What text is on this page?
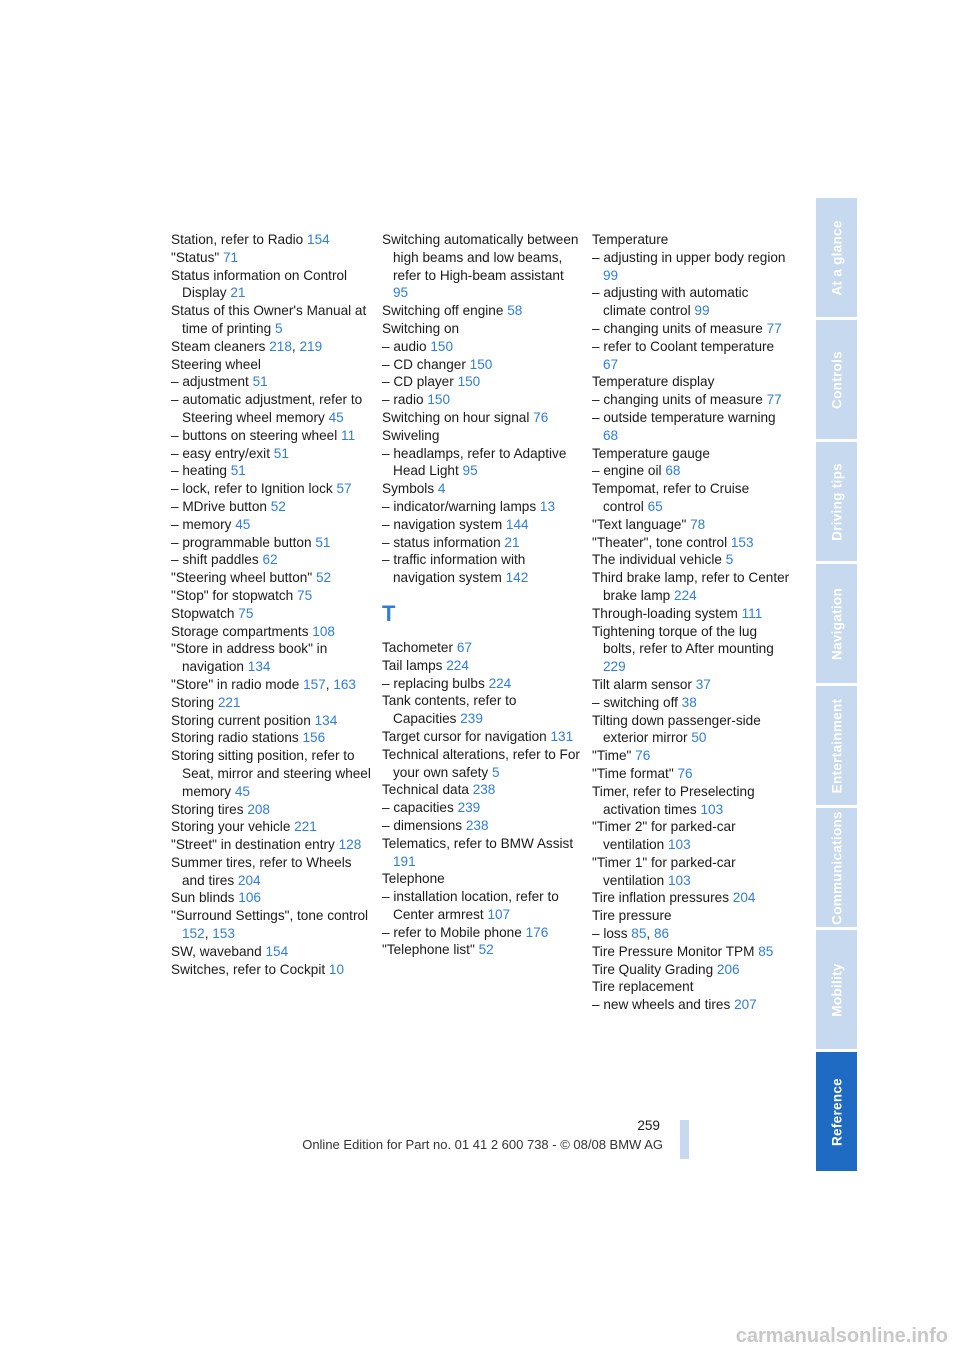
Station, refer to Radio 154
"Status" 71
Status information on Control Display 21
Status of this Owner's Manual at time of printing 5
Steam cleaners 218, 219
Steering wheel
– adjustment 51
– automatic adjustment, refer to Steering wheel memory 45
– buttons on steering wheel 11
– easy entry/exit 51
– heating 51
– lock, refer to Ignition lock 57
– MDrive button 52
– memory 45
– programmable button 51
– shift paddles 62
"Steering wheel button" 52
"Stop" for stopwatch 75
Stopwatch 75
Storage compartments 108
"Store in address book" in navigation 134
"Store" in radio mode 157, 163
Storing 221
Storing current position 134
Storing radio stations 156
Storing sitting position, refer to Seat, mirror and steering wheel memory 45
Storing tires 208
Storing your vehicle 221
"Street" in destination entry 128
Summer tires, refer to Wheels and tires 204
Sun blinds 106
"Surround Settings", tone control 152, 153
SW, waveband 154
Switches, refer to Cockpit 10
Switching automatically between high beams and low beams, refer to High-beam assistant 95
Switching off engine 58
Switching on
– audio 150
– CD changer 150
– CD player 150
– radio 150
Switching on hour signal 76
Swiveling
– headlamps, refer to Adaptive Head Light 95
Symbols 4
– indicator/warning lamps 13
– navigation system 144
– status information 21
– traffic information with navigation system 142
T
Tachometer 67
Tail lamps 224
– replacing bulbs 224
Tank contents, refer to Capacities 239
Target cursor for navigation 131
Technical alterations, refer to For your own safety 5
Technical data 238
– capacities 239
– dimensions 238
Telematics, refer to BMW Assist 191
Telephone
– installation location, refer to Center armrest 107
– refer to Mobile phone 176
"Telephone list" 52
Temperature
– adjusting in upper body region 99
– adjusting with automatic climate control 99
– changing units of measure 77
– refer to Coolant temperature 67
Temperature display
– changing units of measure 77
– outside temperature warning 68
Temperature gauge
– engine oil 68
Tempomat, refer to Cruise control 65
"Text language" 78
"Theater", tone control 153
The individual vehicle 5
Third brake lamp, refer to Center brake lamp 224
Through-loading system 111
Tightening torque of the lug bolts, refer to After mounting 229
Tilt alarm sensor 37
– switching off 38
Tilting down passenger-side exterior mirror 50
"Time" 76
"Time format" 76
Timer, refer to Preselecting activation times 103
"Timer 2" for parked-car ventilation 103
"Timer 1" for parked-car ventilation 103
Tire inflation pressures 204
Tire pressure
– loss 85, 86
Tire Pressure Monitor TPM 85
Tire Quality Grading 206
Tire replacement
– new wheels and tires 207
At a glance
Controls
Driving tips
Navigation
Entertainment
Communications
Mobility
Reference
259
Online Edition for Part no. 01 41 2 600 738 - © 08/08 BMW AG
carmanualsonline.info
